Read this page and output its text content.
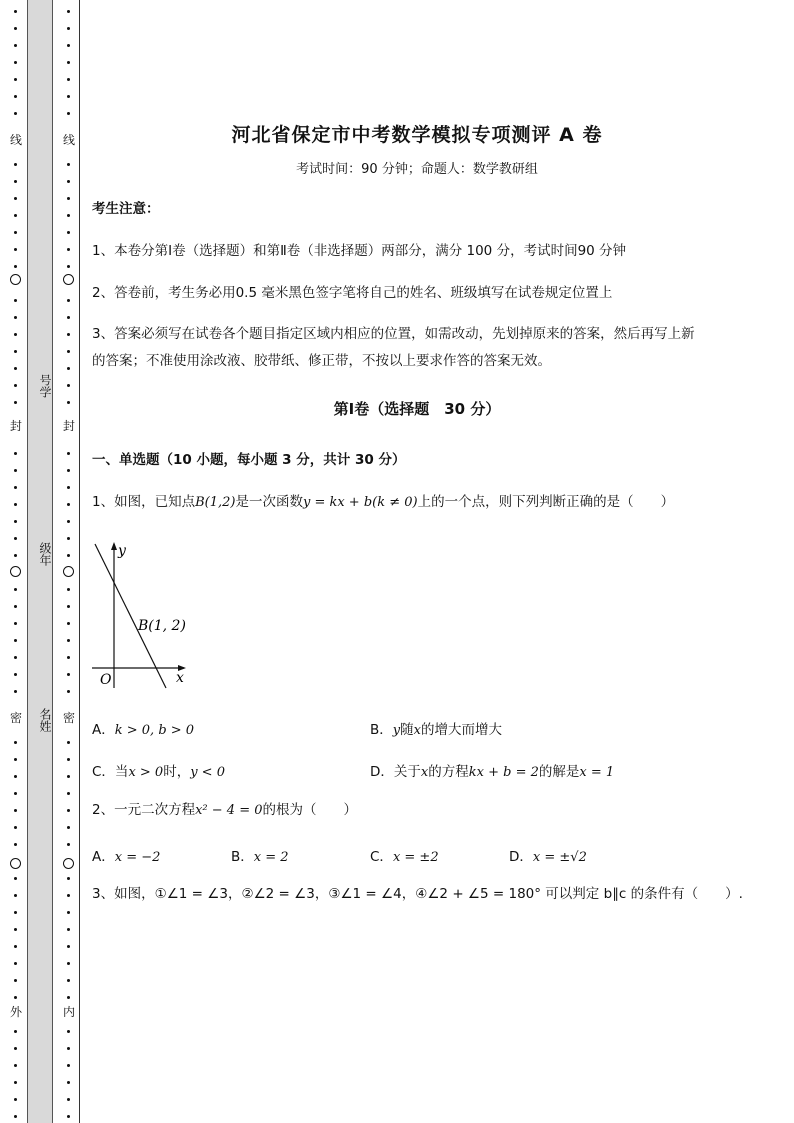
线
封
密
外
号学
级年
名姓
线
封
密
内
河北省保定市中考数学模拟专项测评 A 卷
考试时间：90 分钟；命题人：数学教研组
考生注意：
1、本卷分第Ⅰ卷（选择题）和第Ⅱ卷（非选择题）两部分，满分 100 分，考试时间90 分钟
2、答卷前，考生务必用0.5 毫米黑色签字笔将自己的姓名、班级填写在试卷规定位置上
3、答案必须写在试卷各个题目指定区域内相应的位置，如需改动，先划掉原来的答案，然后再写上新
的答案；不准使用涂改液、胶带纸、修正带，不按以上要求作答的答案无效。
第Ⅰ卷（选择题　30 分）
一、单选题（10 小题，每小题 3 分，共计 30 分）
1、如图，已知点B(1,2)是一次函数y = kx + b(k ≠ 0)上的一个点，则下列判断正确的是（　　）
y
x
O
B(1, 2)
A．k > 0, b > 0	B．y随x的增大而增大
C．当x > 0时，y < 0	D．关于x的方程kx + b = 2的解是x = 1
2、一元二次方程x² − 4 = 0的根为（　　）
A．x = −2	B．x = 2	C．x = ±2	D．x = ±√2
3、如图，①∠1 = ∠3，②∠2 = ∠3，③∠1 = ∠4，④∠2 + ∠5 = 180° 可以判定 b∥c 的条件有（　　）.
